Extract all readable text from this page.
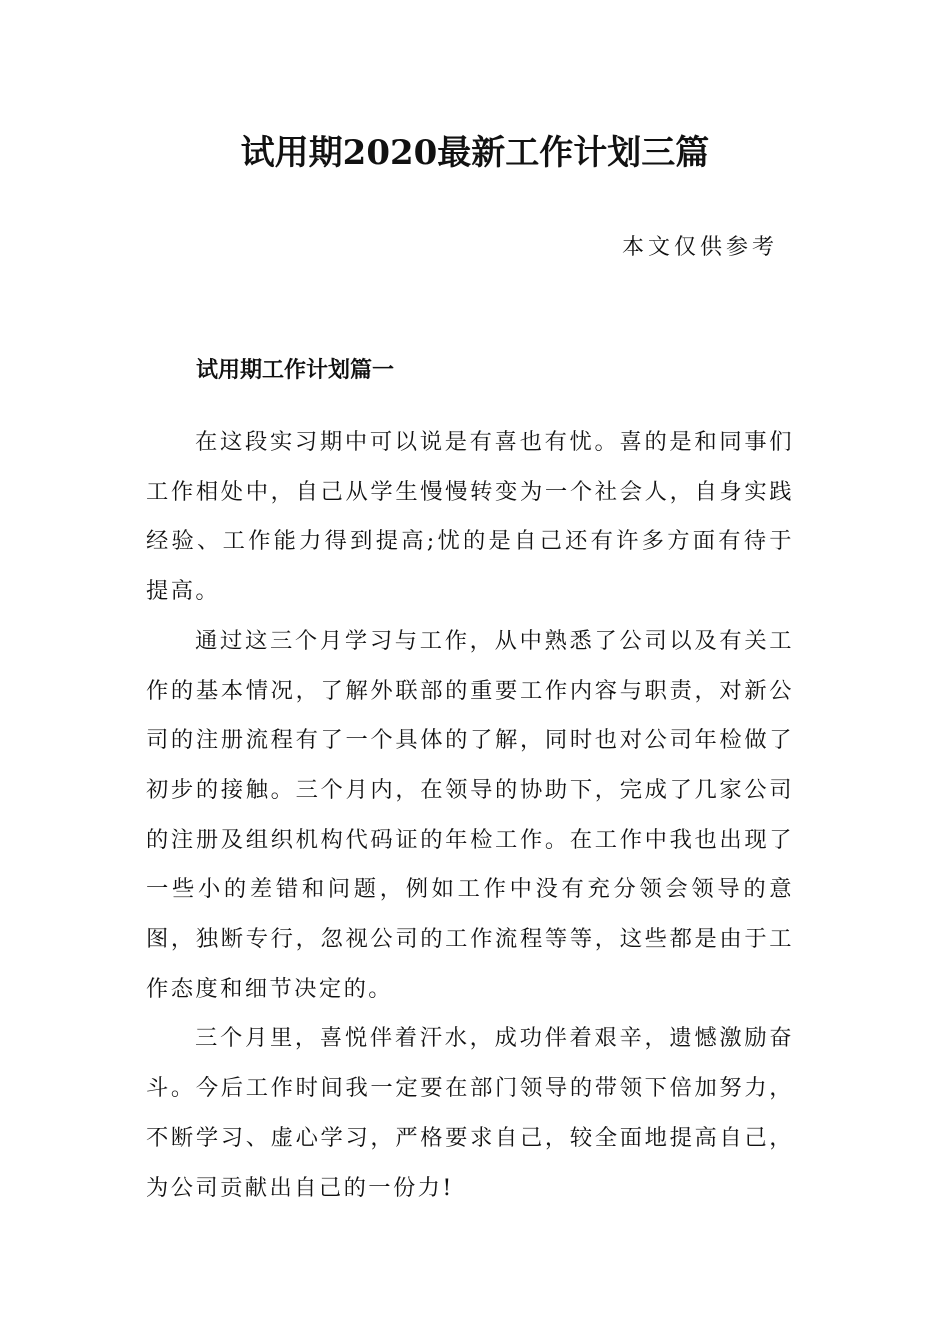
试用期2020最新工作计划三篇
本文仅供参考
试用期工作计划篇一

在这段实习期中可以说是有喜也有忧。喜的是和同事们工作相处中，自己从学生慢慢转变为一个社会人，自身实践经验、工作能力得到提高;忧的是自己还有许多方面有待于提高。

通过这三个月学习与工作，从中熟悉了公司以及有关工作的基本情况，了解外联部的重要工作内容与职责，对新公司的注册流程有了一个具体的了解，同时也对公司年检做了初步的接触。三个月内，在领导的协助下，完成了几家公司的注册及组织机构代码证的年检工作。在工作中我也出现了一些小的差错和问题，例如工作中没有充分领会领导的意图，独断专行，忽视公司的工作流程等等，这些都是由于工作态度和细节决定的。

三个月里，喜悦伴着汗水，成功伴着艰辛，遗憾激励奋斗。今后工作时间我一定要在部门领导的带领下倍加努力，不断学习、虚心学习，严格要求自己，较全面地提高自己，为公司贡献出自己的一份力!
